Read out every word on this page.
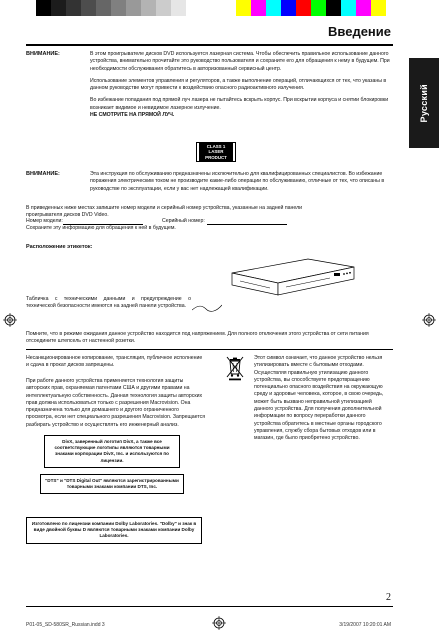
Введение
Русский
ВНИМАНИЕ:	В этом проигрывателе дисков DVD используется лазерная система. Чтобы обеспечить правильное использование данного устройства, внимательно прочитайте это руководство пользователя и сохраните его для обращения к нему в будущем. При необходимости обслуживания обратитесь в авторизованный сервисный центр.

Использование элементов управления и регуляторов, а также выполнение операций, отличающихся от тех, что указаны в данном руководстве могут привести к воздействию опасного радиоактивного излучения.

Во избежание попадания под прямой луч лазера не пытайтесь вскрыть корпус. При вскрытии корпуса и снятии блокировки возникает видимое и невидимое лазерное излучение.

НЕ СМОТРИТЕ НА ПРЯМОЙ ЛУЧ.

CLASS 1
LASER PRODUCT
ВНИМАНИЕ:	Эта инструкция по обслуживанию предназначены исключительно для квалифицированных специалистов. Во избежание поражения электрическим током не производите какие-либо операции по обслуживанию, отличные от тех, что описаны в руководстве по эксплуатации, если у вас нет надлежащей квалификации.
В приведенных ниже местах запишите номер модели и серийный номер устройства, указанные на задней панели проигрывателя дисков DVD Video.
Номер модели:	Серийный номер:
Сохраните эту информацию для обращения к ней в будущем.
Расположение этикеток:
Табличка с техническими данными и предупреждение о технической безопасности имеются на задней панели устройства.
Помните, что в режиме ожидания данное устройство находится под напряжением. Для полного отключения этого устройства от сети питания отсоедините штепсель от настенной розетки.
Несанкционированное копирование, трансляция, публичное исполнение и сдача в прокат дисков запрещены.
При работе данного устройства применяется технология защиты авторских прав, охраняемая патентами США и другими правами на интеллектуальную собственность. Данная технология защиты авторских прав должна использоваться только с разрешения Macrovision. Она предназначена только для домашнего и другого ограниченного просмотра, если нет специального разрешения Macrovision. Запрещается разбирать устройство и осуществлять его инженерный анализ.
Этот символ означает, что данное устройство нельзя утилизировать вместе с бытовыми отходами. Осуществляя правильную утилизацию данного устройства, вы способствуете предотвращению потенциально опасного воздействия на окружающую среду и здоровье человека, которое, в свою очередь, может быть вызвано неправильной утилизацией данного устройства. Для получения дополнительной информации по вопросу переработки данного устройства обратитесь в местные органы городского управления, службу сбора бытовых отходов или в магазин, где было приобретено устройство.
DivX, заверенный логотип DivX, а также все соответствующие логотипы являются товарными знаками корпорации DivX, Inc. и используются по лицензии.
"DTS" и "DTS Digital Out" являются зарегистрированными товарными знаками компании DTS, Inc.
Изготовлено по лицензии компании Dolby Laboratories. "Dolby" и знак в виде двойной буквы D являются товарными знаками компании Dolby Laboratories.
2
P01-05_SD-580SR_Russian.indd 3	3/19/2007 10:20:01 AM
